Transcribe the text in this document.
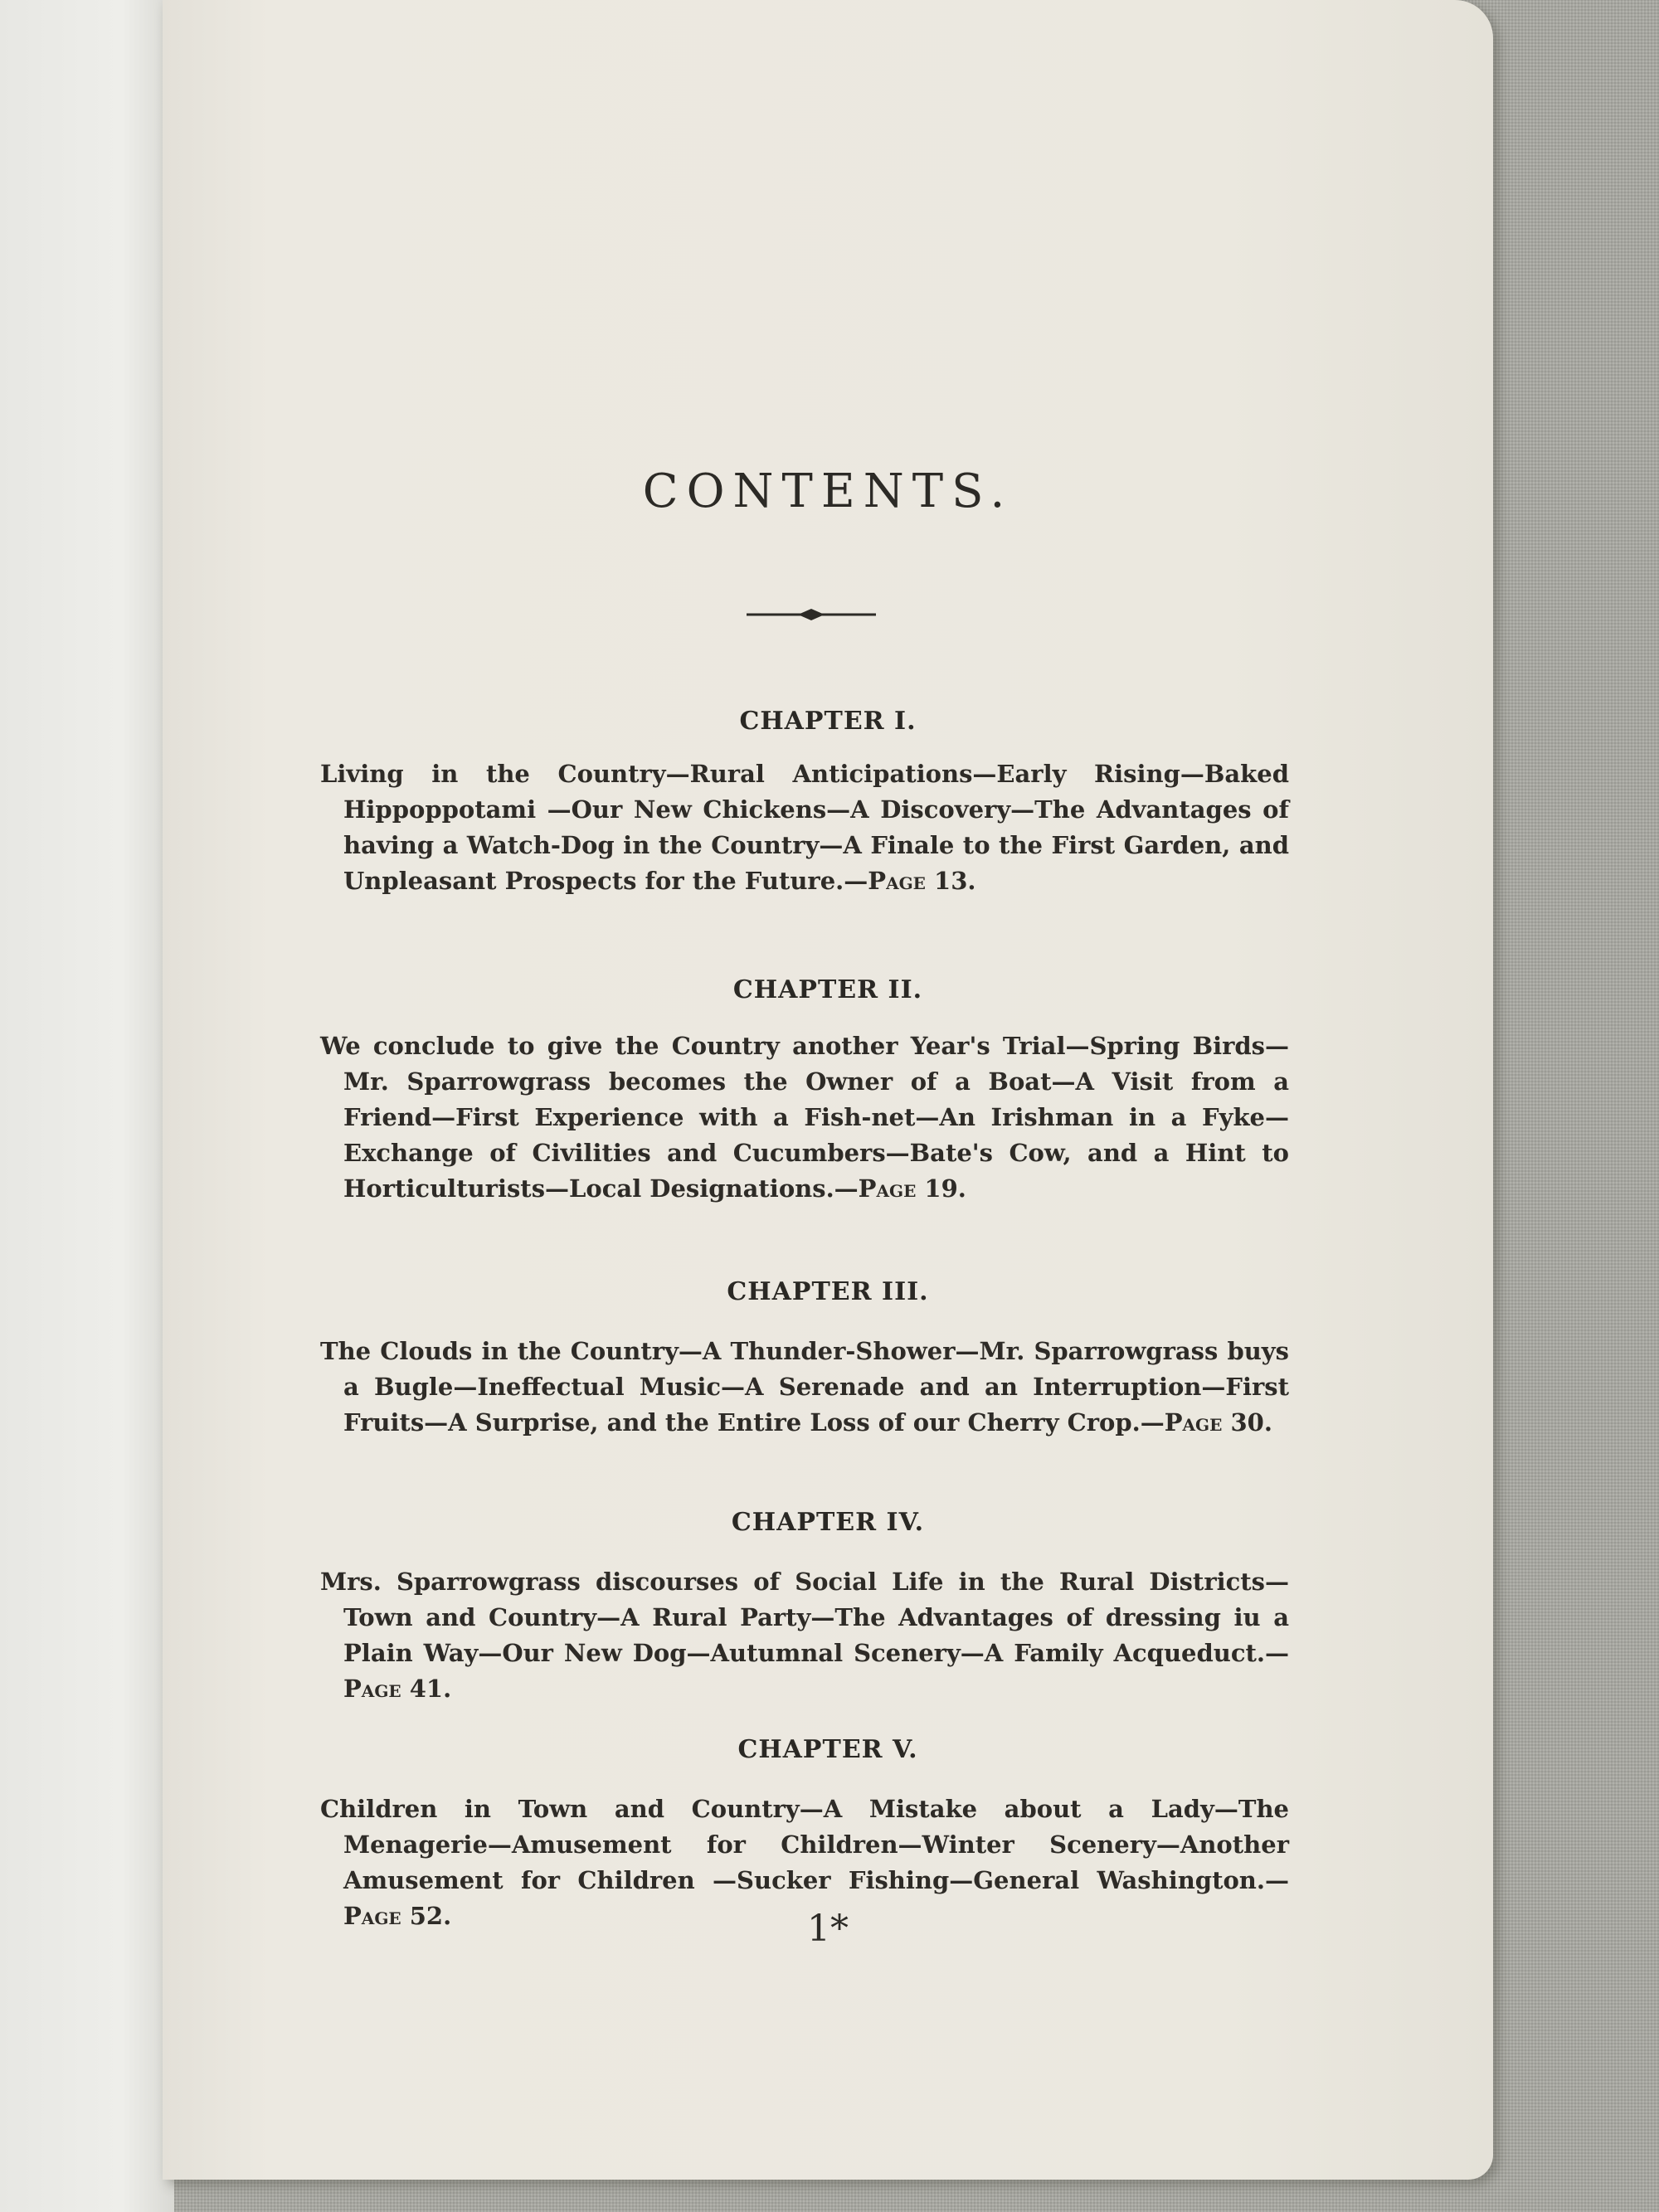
CONTENTS.
CHAPTER I.
Living in the Country—Rural Anticipations—Early Rising—Baked Hippoppotami —Our New Chickens—A Discovery—The Advantages of having a Watch-Dog in the Country—A Finale to the First Garden, and Unpleasant Prospects for the Future.—Page 13.
CHAPTER II.
We conclude to give the Country another Year's Trial—Spring Birds—Mr. Sparrowgrass becomes the Owner of a Boat—A Visit from a Friend—First Experience with a Fish-net—An Irishman in a Fyke—Exchange of Civilities and Cucumbers—Bate's Cow, and a Hint to Horticulturists—Local Designations.—Page 19.
CHAPTER III.
The Clouds in the Country—A Thunder-Shower—Mr. Sparrowgrass buys a Bugle—Ineffectual Music—A Serenade and an Interruption—First Fruits—A Surprise, and the Entire Loss of our Cherry Crop.—Page 30.
CHAPTER IV.
Mrs. Sparrowgrass discourses of Social Life in the Rural Districts—Town and Country—A Rural Party—The Advantages of dressing iu a Plain Way—Our New Dog—Autumnal Scenery—A Family Acqueduct.—Page 41.
CHAPTER V.
Children in Town and Country—A Mistake about a Lady—The Menagerie—Amusement for Children—Winter Scenery—Another Amusement for Children —Sucker Fishing—General Washington.—Page 52.	1*
